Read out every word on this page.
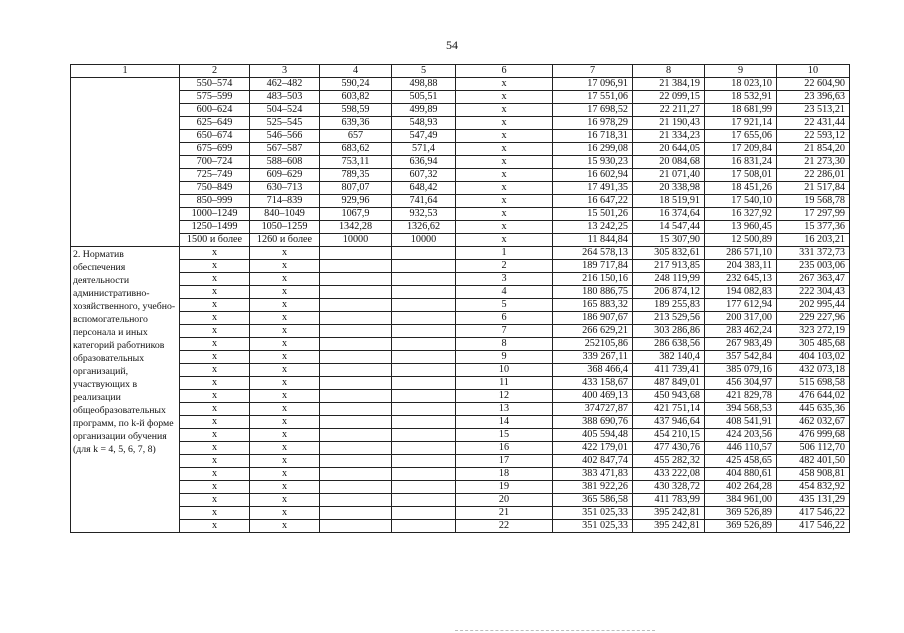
54
1	2	3	4	5	6	7	8	9	10
	550–574	462–482	590,24	498,88	x	17 096,91	21 384,19	18 023,10	22 604,90
	575–599	483–503	603,82	505,51	x	17 551,06	22 099,15	18 532,91	23 396,63
	600–624	504–524	598,59	499,89	x	17 698,52	22 211,27	18 681,99	23 513,21
	625–649	525–545	639,36	548,93	x	16 978,29	21 190,43	17 921,14	22 431,44
	650–674	546–566	657	547,49	x	16 718,31	21 334,23	17 655,06	22 593,12
	675–699	567–587	683,62	571,4	x	16 299,08	20 644,05	17 209,84	21 854,20
	700–724	588–608	753,11	636,94	x	15 930,23	20 084,68	16 831,24	21 273,30
	725–749	609–629	789,35	607,32	x	16 602,94	21 071,40	17 508,01	22 286,01
	750–849	630–713	807,07	648,42	x	17 491,35	20 338,98	18 451,26	21 517,84
	850–999	714–839	929,96	741,64	x	16 647,22	18 519,91	17 540,10	19 568,78
	1000–1249	840–1049	1067,9	932,53	x	15 501,26	16 374,64	16 327,92	17 297,99
	1250–1499	1050–1259	1342,28	1326,62	x	13 242,25	14 547,44	13 960,45	15 377,36
	1500 и более	1260 и более	10000	10000	x	11 844,84	15 307,90	12 500,89	16 203,21
2. Норматив обеспечения деятельности административно-хозяйственного, учебно-вспомогательного персонала и иных категорий работников образовательных организаций, участвующих в реализации общеобразовательных программ, по k-й форме организации обучения (для k = 4, 5, 6, 7, 8)	x	x			1	264 578,13	305 832,61	286 571,10	331 372,73
	x	x			2	189 717,84	217 913,85	204 383,11	235 003,06
	x	x			3	216 150,16	248 119,99	232 645,13	267 363,47
	x	x			4	180 886,75	206 874,12	194 082,83	222 304,43
	x	x			5	165 883,32	189 255,83	177 612,94	202 995,44
	x	x			6	186 907,67	213 529,56	200 317,00	229 227,96
	x	x			7	266 629,21	303 286,86	283 462,24	323 272,19
	x	x			8	252105,86	286 638,56	267 983,49	305 485,68
	x	x			9	339 267,11	382 140,4	357 542,84	404 103,02
	x	x			10	368 466,4	411 739,41	385 079,16	432 073,18
	x	x			11	433 158,67	487 849,01	456 304,97	515 698,58
	x	x			12	400 469,13	450 943,68	421 829,78	476 644,02
	x	x			13	374727,87	421 751,14	394 568,53	445 635,36
	x	x			14	388 690,76	437 946,64	408 541,91	462 032,67
	x	x			15	405 594,48	454 210,15	424 203,56	476 999,68
	x	x			16	422 179,01	477 430,76	446 110,57	506 112,70
	x	x			17	402 847,74	455 282,32	425 458,65	482 401,50
	x	x			18	383 471,83	433 222,08	404 880,61	458 908,81
	x	x			19	381 922,26	430 328,72	402 264,28	454 832,92
	x	x			20	365 586,58	411 783,99	384 961,00	435 131,29
	x	x			21	351 025,33	395 242,81	369 526,89	417 546,22
	x	x			22	351 025,33	395 242,81	369 526,89	417 546,22
